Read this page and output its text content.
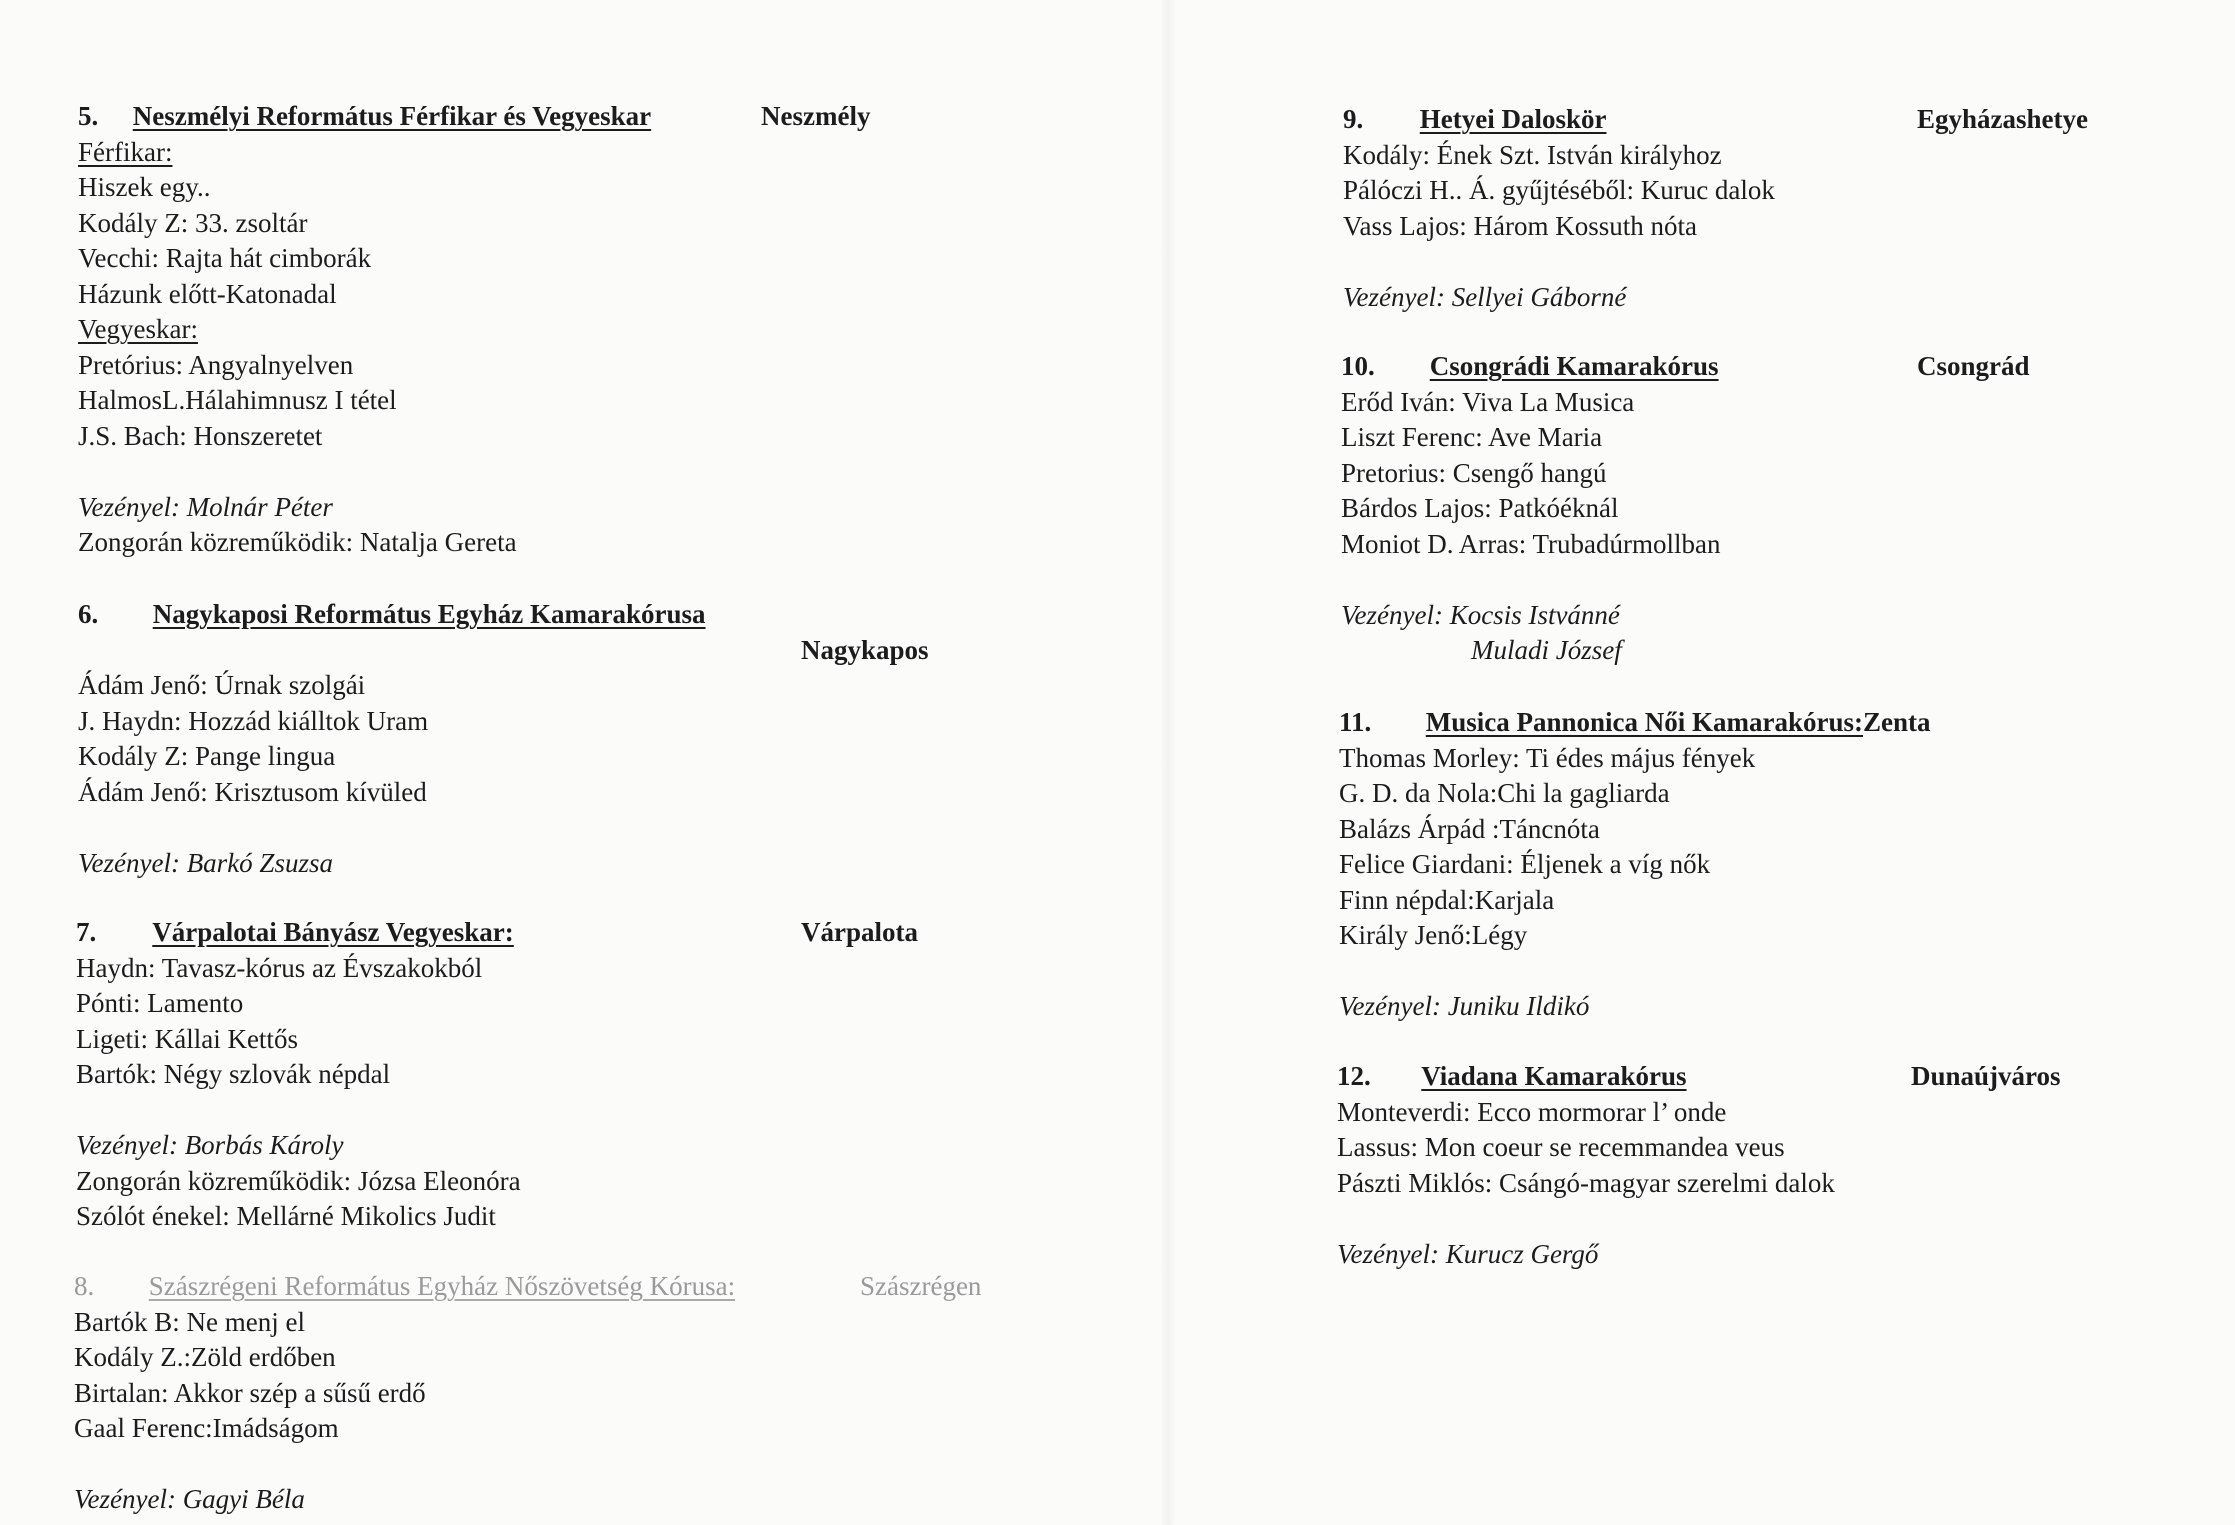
5. Neszmélyi Református Férfikar és Vegyeskar	Neszmély
Férfikar:
Hiszek egy..
Kodály Z: 33. zsoltár
Vecchi: Rajta hát cimborák
Házunk előtt-Katonadal
Vegyeskar:
Pretórius: Angyalnyelven
HalmosL.Hálahimnusz I tétel
J.S. Bach: Honszeretet
Vezényel: Molnár Péter
Zongorán közreműködik: Natalja Gereta
6. Nagykaposi Református Egyház Kamarakórusa
Nagykapos
Ádám Jenő: Úrnak szolgái
J. Haydn: Hozzád kiálltok Uram
Kodály Z: Pange lingua
Ádám Jenő: Krisztusom kívüled
Vezényel: Barkó Zsuzsa
7. Várpalotai Bányász Vegyeskar:	Várpalota
Haydn: Tavasz-kórus az Évszakokból
Pónti: Lamento
Ligeti: Kállai Kettős
Bartók: Négy szlovák népdal
Vezényel: Borbás Károly
Zongorán közreműködik: Józsa Eleonóra
Szólót énekel: Mellárné Mikolics Judit
8. Szászrégeni Református Egyház Nőszövetség Kórusa:	Szászrégen
Bartók B: Ne menj el
Kodály Z.:Zöld erdőben
Birtalan: Akkor szép a sűsű erdő
Gaal Ferenc:Imádságom
Vezényel: Gagyi Béla
9. Hetyei Daloskör	Egyházashetye
Kodály: Ének Szt. István királyhoz
Pálóczi H.. Á. gyűjtéséből: Kuruc dalok
Vass Lajos: Három Kossuth nóta
Vezényel: Sellyei Gáborné
10. Csongrádi Kamarakórus	Csongrád
Erőd Iván: Viva La Musica
Liszt Ferenc: Ave Maria
Pretorius: Csengő hangú
Bárdos Lajos: Patkóéknál
Moniot D. Arras: Trubadúrmollban
Vezényel: Kocsis Istvánné
Muladi József
11. Musica Pannonica Női Kamarakórus:Zenta
Thomas Morley: Ti édes május fények
G. D. da Nola:Chi la gagliarda
Balázs Árpád :Táncnóta
Felice Giardani: Éljenek a víg nők
Finn népdal:Karjala
Király Jenő:Légy
Vezényel: Juniku Ildikó
12. Viadana Kamarakórus	Dunaújváros
Monteverdi: Ecco mormorar l’ onde
Lassus: Mon coeur se recemmandea veus
Pászti Miklós: Csángó-magyar szerelmi dalok
Vezényel: Kurucz Gergő
